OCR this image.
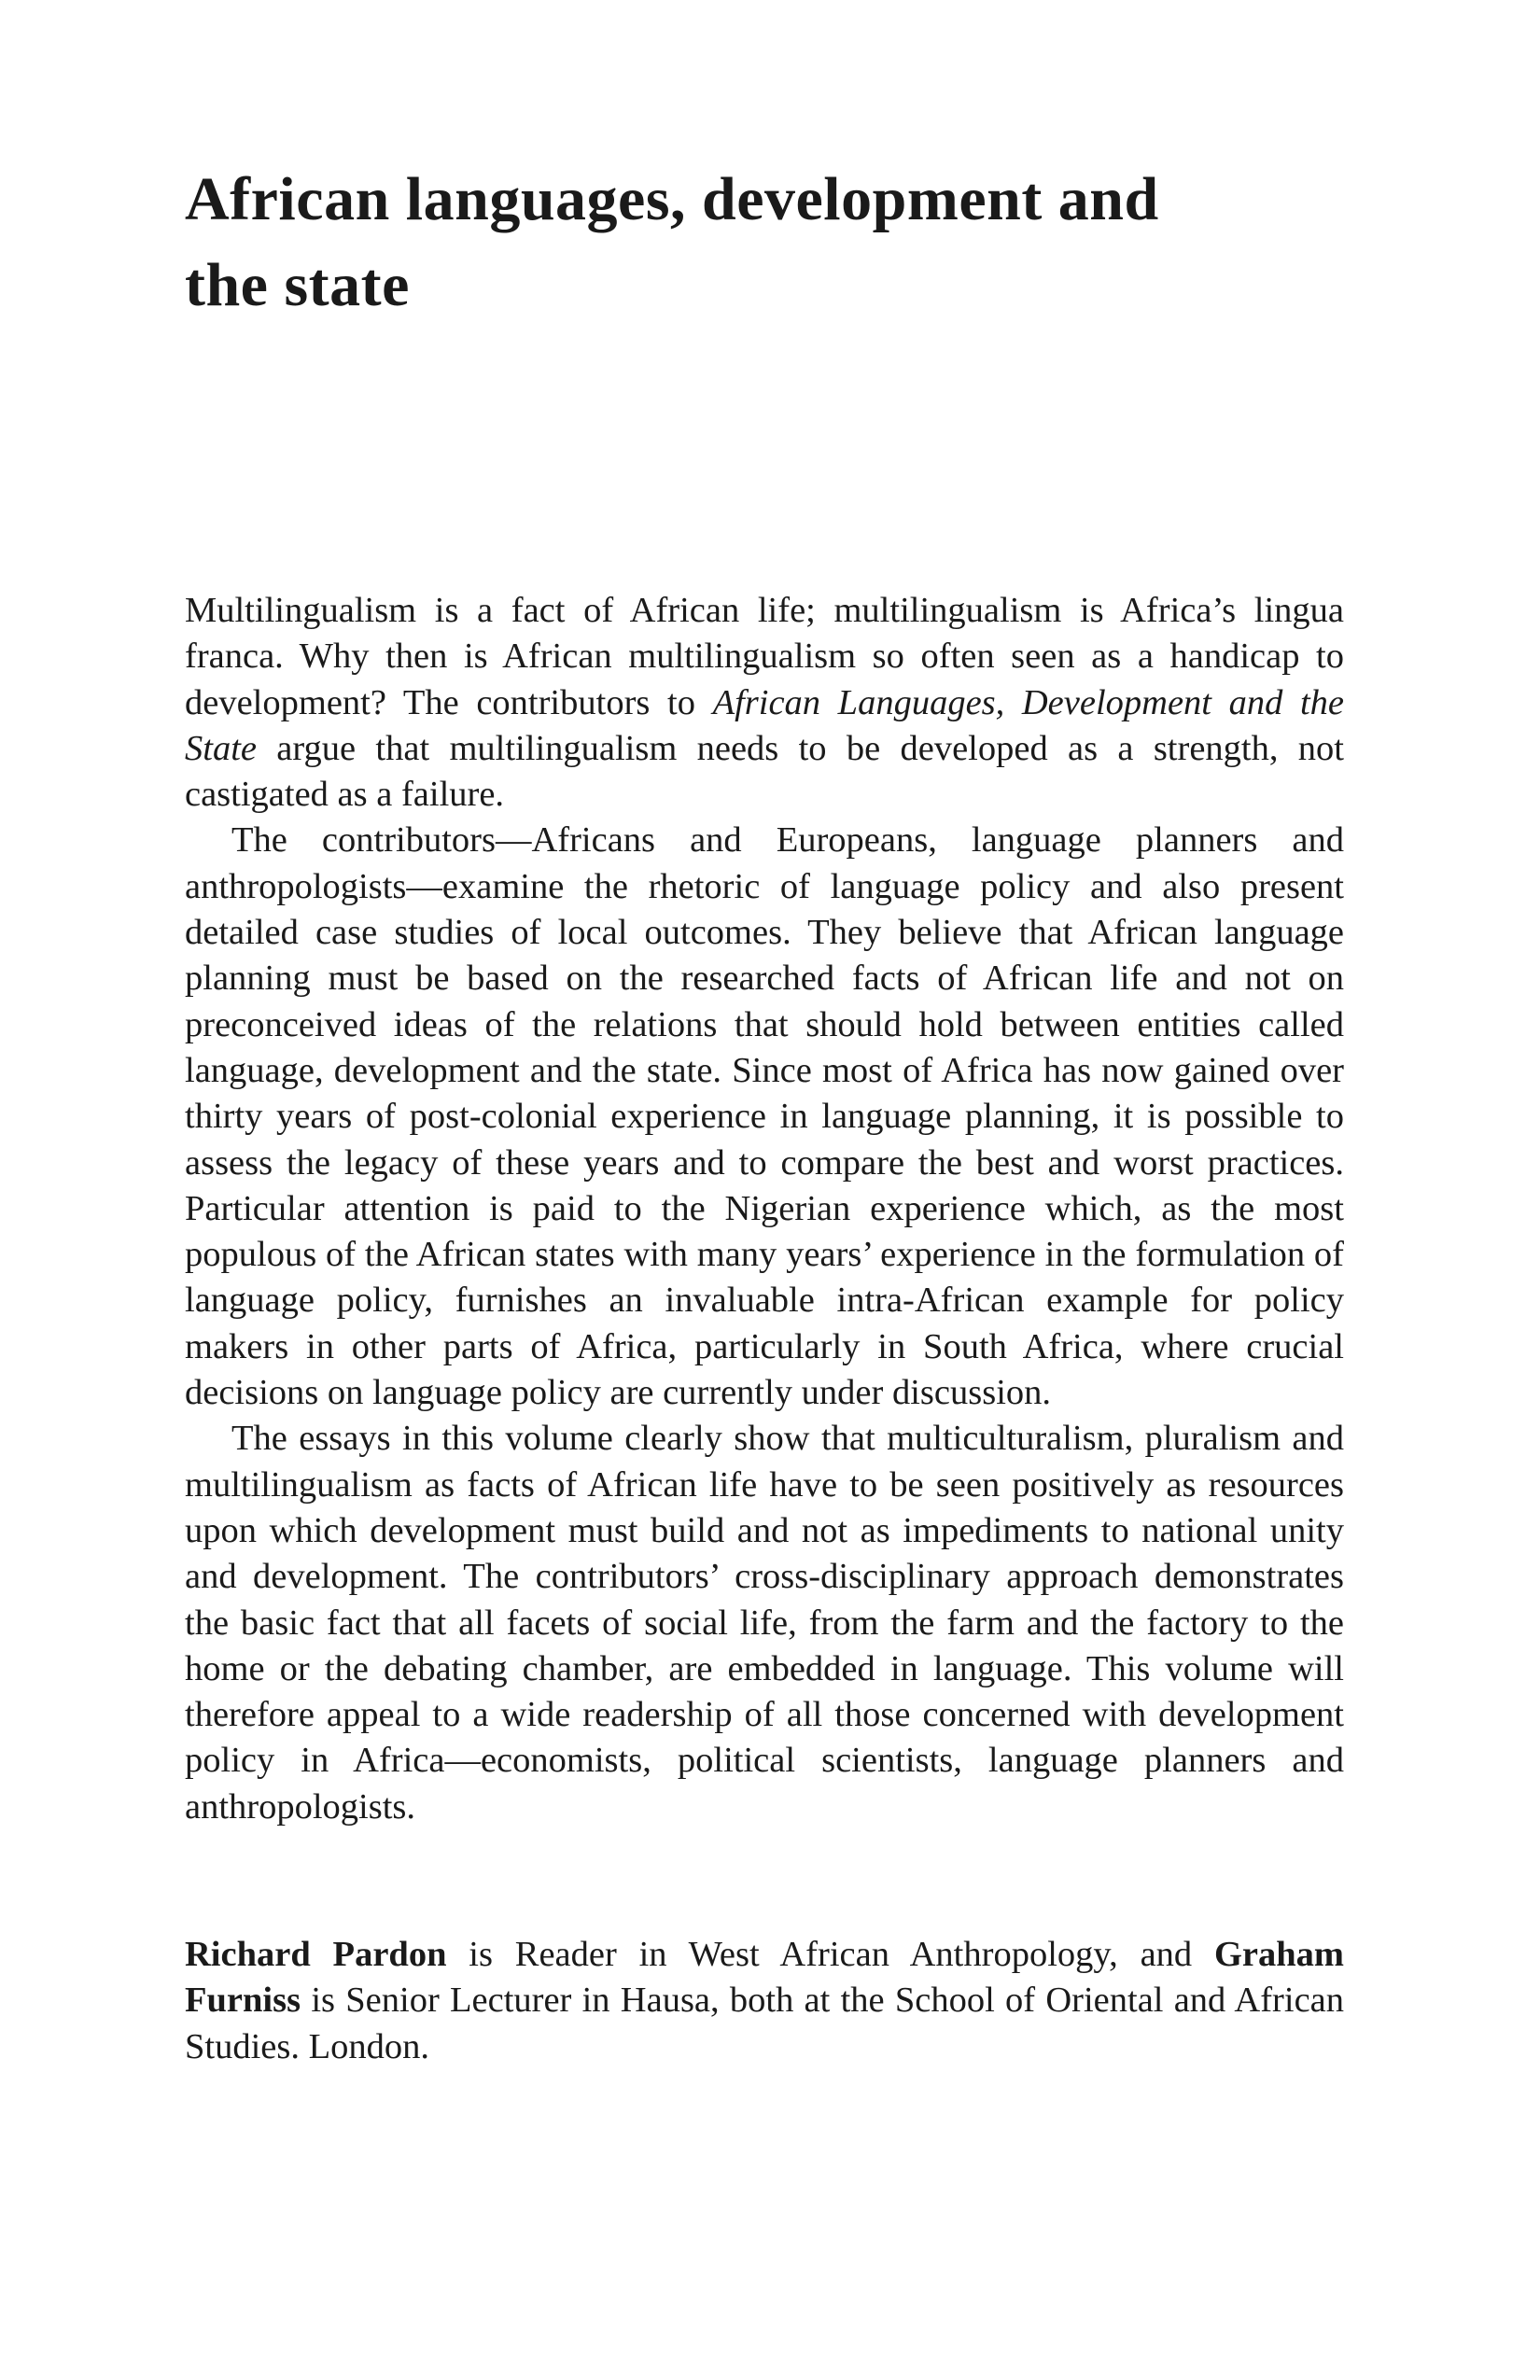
African languages, development and
the state

Multilingualism is a fact of African life; multilingualism is Africa’s lingua franca. Why then is African multilingualism so often seen as a handicap to development? The contributors to African Languages, Development and the State argue that multilingualism needs to be developed as a strength, not castigated as a failure.

The contributors—Africans and Europeans, language planners and anthropologists—examine the rhetoric of language policy and also present detailed case studies of local outcomes. They believe that African language planning must be based on the researched facts of African life and not on preconceived ideas of the relations that should hold between entities called language, development and the state. Since most of Africa has now gained over thirty years of post-colonial experience in language planning, it is possible to assess the legacy of these years and to compare the best and worst practices. Particular attention is paid to the Nigerian experience which, as the most populous of the African states with many years’ experience in the formulation of language policy, furnishes an invaluable intra-African example for policy makers in other parts of Africa, particularly in South Africa, where crucial decisions on language policy are currently under discussion.

The essays in this volume clearly show that multiculturalism, pluralism and multilingualism as facts of African life have to be seen positively as resources upon which development must build and not as impediments to national unity and development. The contributors’ cross-disciplinary approach demonstrates the basic fact that all facets of social life, from the farm and the factory to the home or the debating chamber, are embedded in language. This volume will therefore appeal to a wide readership of all those concerned with development policy in Africa—economists, political scientists, language planners and anthropologists.

Richard Pardon is Reader in West African Anthropology, and Graham Furniss is Senior Lecturer in Hausa, both at the School of Oriental and African Studies. London.
